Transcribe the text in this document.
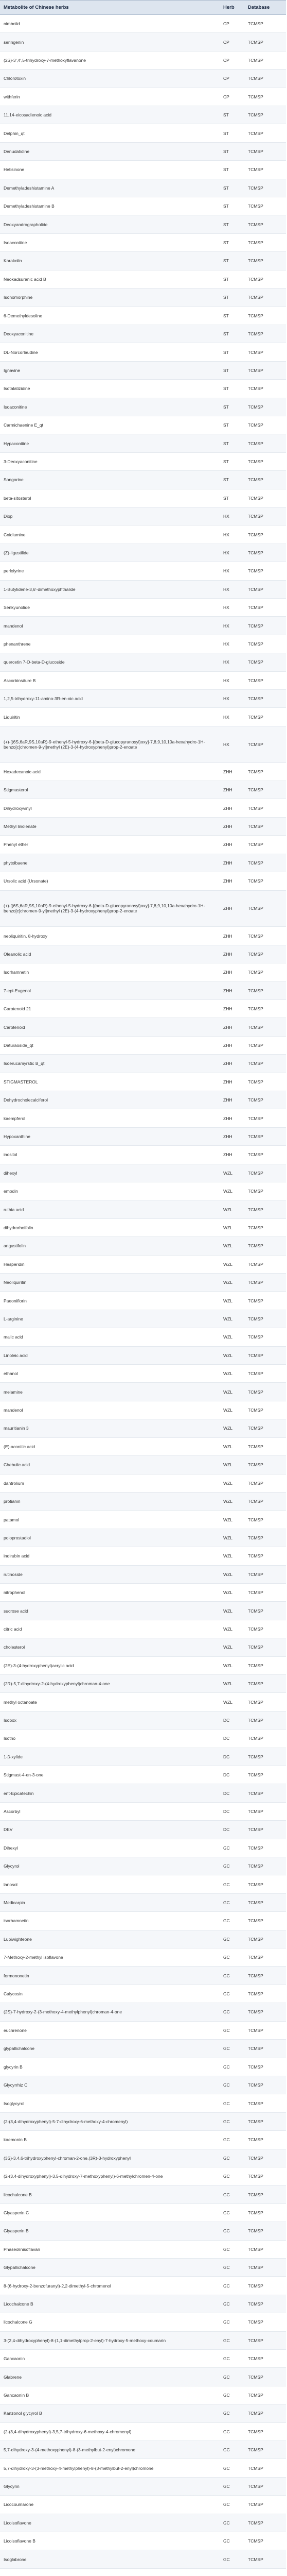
Metabolite of Chinese herbs	Herb	Database
nimbolid	CP	TCMSP
seringenin	CP	TCMSP
(2S)-3′,4′,5-trihydroxy-7-methoxyflavanone	CP	TCMSP
Chlorotoxin	CP	TCMSP
withferin	CP	TCMSP
11,14-eicosadienoic acid	ST	TCMSP
Delphin_qt	ST	TCMSP
Denudatidine	ST	TCMSP
Hetisinone	ST	TCMSP
Demethyladeshistamine A	ST	TCMSP
Demethyladeshistamine B	ST	TCMSP
Deoxyandrographolide	ST	TCMSP
Isoaconitine	ST	TCMSP
Karakolin	ST	TCMSP
Neokadsuranic acid B	ST	TCMSP
Isohomorphine	ST	TCMSP
6-Demethyldesoline	ST	TCMSP
Deoxyaconitine	ST	TCMSP
DL-Norcorlaudine	ST	TCMSP
Ignavine	ST	TCMSP
Isotalatizidine	ST	TCMSP
Isoaconitine	ST	TCMSP
Carmichaenine E_qt	ST	TCMSP
Hypaconitine	ST	TCMSP
3-Deoxyaconitine	ST	TCMSP
Songorine	ST	TCMSP
beta-sitosterol	ST	TCMSP
Diop	HX	TCMSP
Cnidiumine	HX	TCMSP
(Z)-ligustilide	HX	TCMSP
perlolyrine	HX	TCMSP
1-Butylidene-3,6′-dimethoxyphthalide	HX	TCMSP
Senkyunolide	HX	TCMSP
mandenol	HX	TCMSP
phenanthrene	HX	TCMSP
quercetin 7-O-beta-D-glucoside	HX	TCMSP
Ascorbinsäure B	HX	TCMSP
1,2,5-trihydroxy-11-amino-3R-en-oic acid	HX	TCMSP
Liquiritin	HX	TCMSP
(+)-[(6S,6aR,9S,10aR)-9-ethenyl-5-hydroxy-6-[(beta-D-glucopyranosyl)oxy]-7,8,9,10,10a-hexahydro-1H-benzo[c]chromen-9-yl]methyl (2E)-3-(4-hydroxyphenyl)prop-2-enoate	HX	TCMSP
Hexadecanoic acid	ZHH	TCMSP
Stigmasterol	ZHH	TCMSP
Dihydroxyvinyl	ZHH	TCMSP
Methyl linolenate	ZHH	TCMSP
Phenyl ether	ZHH	TCMSP
phytolbaene	ZHH	TCMSP
Ursolic acid (Ursonate)	ZHH	TCMSP
(+)-[(6S,6aR,9S,10aR)-9-ethenyl-5-hydroxy-6-[(beta-D-glucopyranosyl)oxy]-7,8,9,10,10a-hexahydro-1H-benzo[c]chromen-9-yl]methyl (2E)-3-(4-hydroxyphenyl)prop-2-enoate	ZHH	TCMSP
neoliquiritin, 8-hydroxy	ZHH	TCMSP
Oleanolic acid	ZHH	TCMSP
Isorhamnetin	ZHH	TCMSP
7-epi-Eugenol	ZHH	TCMSP
Carotenoid 21	ZHH	TCMSP
Carotenoid	ZHH	TCMSP
Daturaoside_qt	ZHH	TCMSP
Isoerucamyrstic B_qt	ZHH	TCMSP
STIGMASTEROL	ZHH	TCMSP
Dehydrocholecalciferol	ZHH	TCMSP
kaempferol	ZHH	TCMSP
Hypoxanthine	ZHH	TCMSP
inositol	ZHH	TCMSP
dihexyl	WZL	TCMSP
emodin	WZL	TCMSP
ruthia acid	WZL	TCMSP
dihydrorhoifolin	WZL	TCMSP
angustifolin	WZL	TCMSP
Hesperidin	WZL	TCMSP
Neoliquiritin	WZL	TCMSP
Paeoniflorin	WZL	TCMSP
L-arginine	WZL	TCMSP
malic acid	WZL	TCMSP
Linoleic acid	WZL	TCMSP
ethanol	WZL	TCMSP
melamine	WZL	TCMSP
mandenol	WZL	TCMSP
mauritianin 3	WZL	TCMSP
(E)-aconitic acid	WZL	TCMSP
Chebulic acid	WZL	TCMSP
dantrolium	WZL	TCMSP
protianin	WZL	TCMSP
patamol	WZL	TCMSP
poloprostadiol	WZL	TCMSP
indirubin acid	WZL	TCMSP
rutinoside	WZL	TCMSP
nitrophenol	WZL	TCMSP
sucrose acid	WZL	TCMSP
citric acid	WZL	TCMSP
cholesterol	WZL	TCMSP
(2E)-3-(4-hydroxyphenyl)acrylic acid	WZL	TCMSP
(2R)-5,7-dihydroxy-2-(4-hydroxyphenyl)chroman-4-one	WZL	TCMSP
methyl octanoate	WZL	TCMSP
Isobox	DC	TCMSP
Isotho	DC	TCMSP
1-β-xylide	DC	TCMSP
Stigmast-4-en-3-one	DC	TCMSP
ent-Epicatechin	DC	TCMSP
Ascorbyl	DC	TCMSP
DEV	DC	TCMSP
Dihexyl	GC	TCMSP
Glycyrol	GC	TCMSP
lanosol	GC	TCMSP
Medicarpin	GC	TCMSP
isorhamnetin	GC	TCMSP
Lupiwighteone	GC	TCMSP
7-Methoxy-2-methyl isoflavone	GC	TCMSP
formononetin	GC	TCMSP
Calycosin	GC	TCMSP
(2S)-7-hydroxy-2-(3-methoxy-4-methylphenyl)chroman-4-one	GC	TCMSP
euchrenone	GC	TCMSP
glypallichalcone	GC	TCMSP
glycyrin B	GC	TCMSP
Glycyrrhiz C	GC	TCMSP
Isoglycyrol	GC	TCMSP
(2-(3,4-dihydroxyphenyl)-5-7-dihydroxy-6-methoxy-4-chromenyl)	GC	TCMSP
kaemonin B	GC	TCMSP
(3S)-3,4,6-trihydroxyphenyl-chroman-2-one,(3R)-3-hydroxyphenyl	GC	TCMSP
(2-(3,4-dihydroxyphenyl)-3,5-dihydroxy-7-methoxyphenyl)-6-methylchromen-4-one	GC	TCMSP
licochalcone B	GC	TCMSP
Glyasperin C	GC	TCMSP
Glyasperin B	GC	TCMSP
Phaseolinisoflavan	GC	TCMSP
Glypallichalcone	GC	TCMSP
8-(6-hydroxy-2-benzofuranyl)-2,2-dimethyl-5-chromenol	GC	TCMSP
Licochalcone B	GC	TCMSP
licochalcone G	GC	TCMSP
3-(2,4-dihydroxyphenyl)-8-(1,1-dimethylprop-2-enyl)-7-hydroxy-5-methoxy-coumarin	GC	TCMSP
Gancaonin	GC	TCMSP
Glabrene	GC	TCMSP
Gancaonin B	GC	TCMSP
Kanzonol glycyrol B	GC	TCMSP
(2-(3,4-dihydroxyphenyl)-3,5,7-trihydroxy-6-methoxy-4-chromenyl)	GC	TCMSP
5,7-dihydroxy-3-(4-methoxyphenyl)-8-(3-methylbut-2-enyl)chromone	GC	TCMSP
5,7-dihydroxy-3-(3-methoxy-4-methylphenyl)-8-(3-methylbut-2-enyl)chromone	GC	TCMSP
Glycyrin	GC	TCMSP
Licocoumarone	GC	TCMSP
Licoisoflavone	GC	TCMSP
Licoisoflavone B	GC	TCMSP
Isoglabrone	GC	TCMSP
